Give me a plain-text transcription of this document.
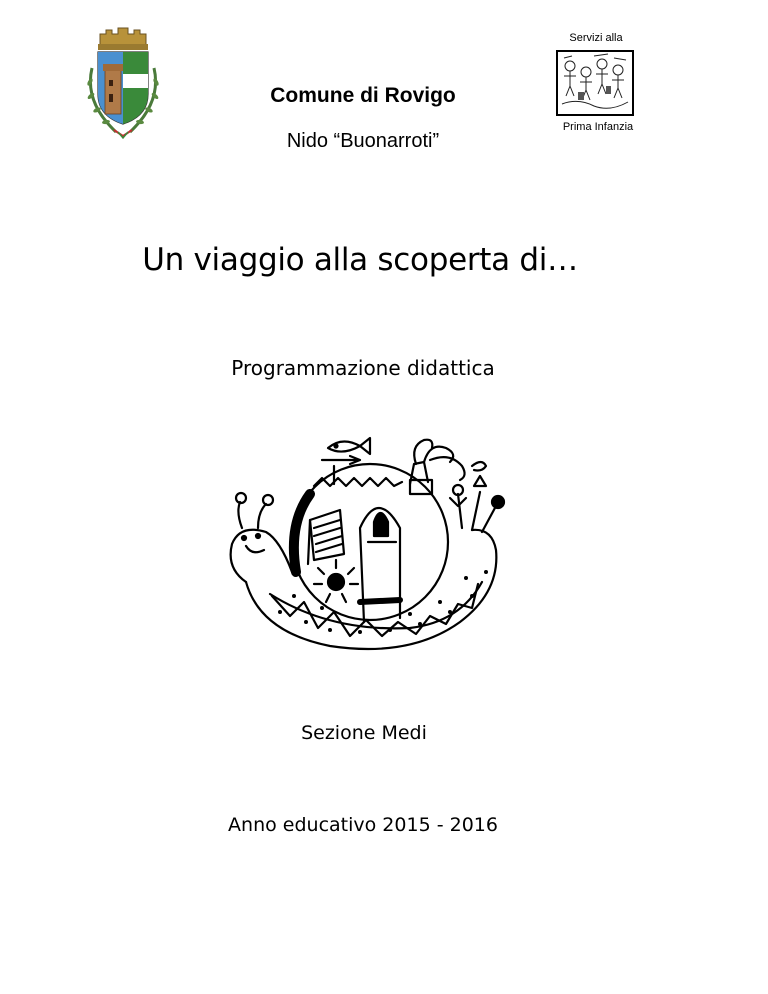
Comune di Rovigo
Nido “Buonarroti”
Servizi alla
Prima Infanzia
Un viaggio alla scoperta di…
Programmazione didattica
Sezione Medi
Anno educativo 2015 - 2016
